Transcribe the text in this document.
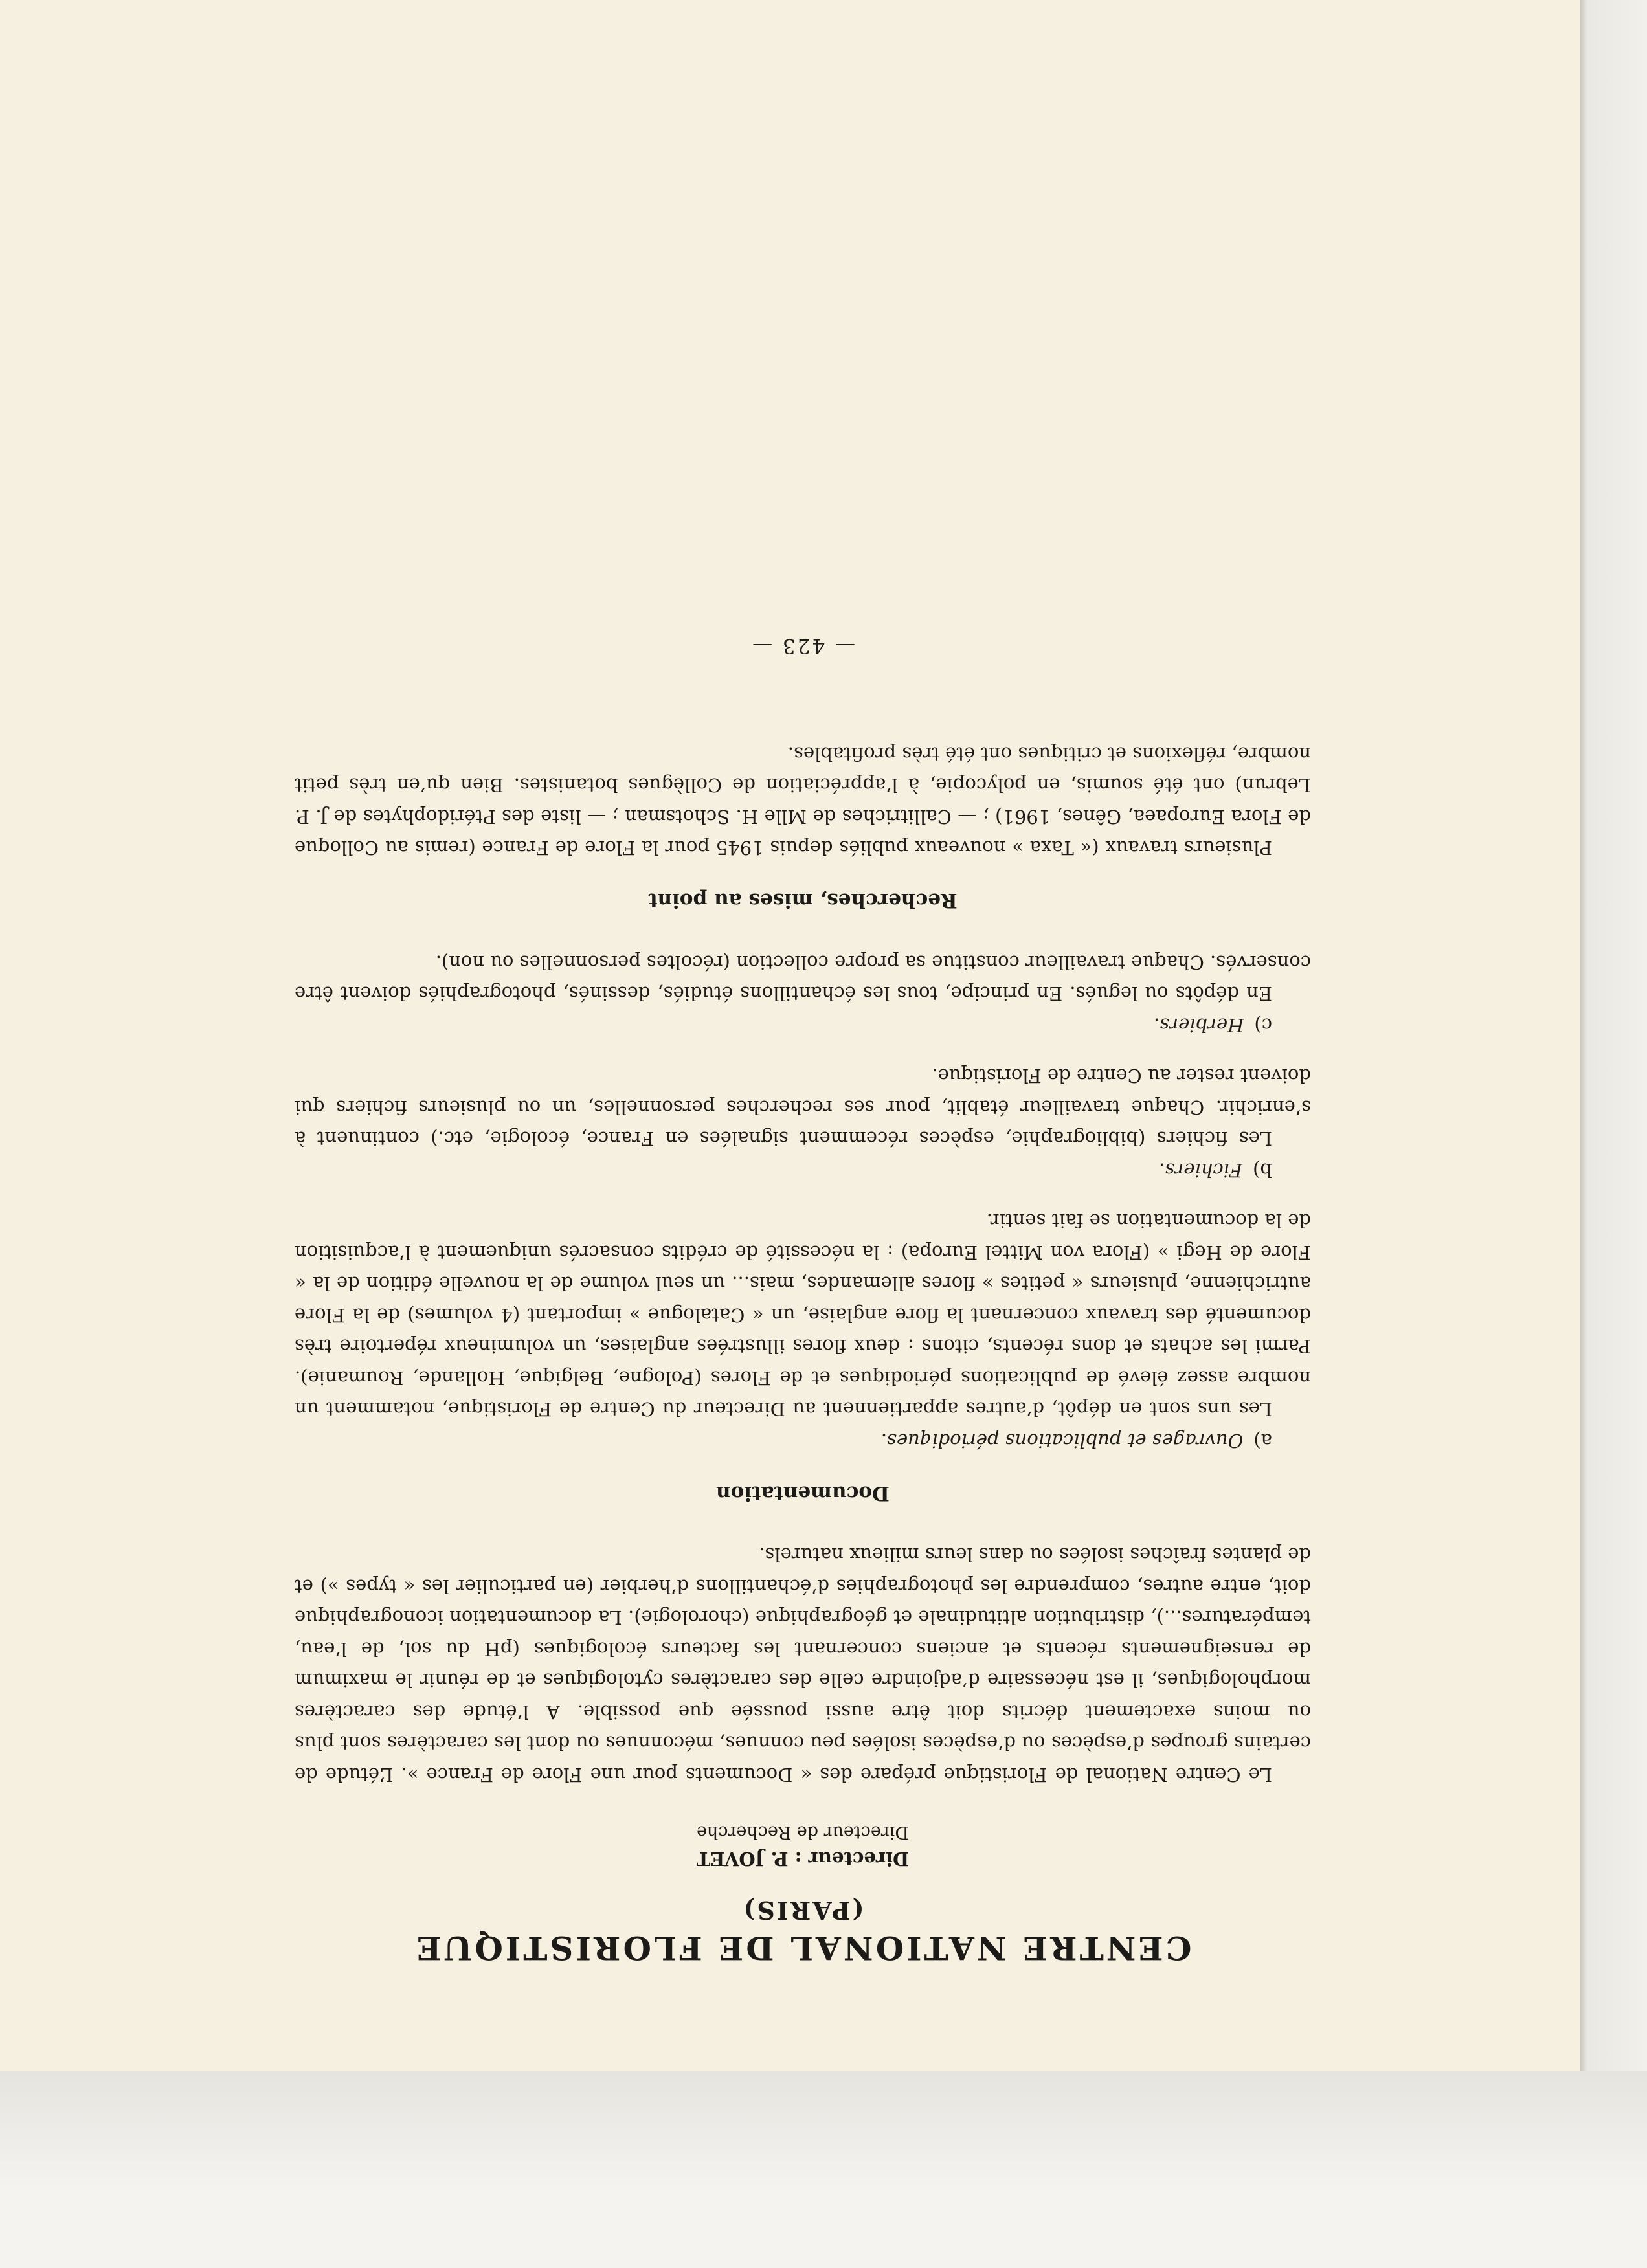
CENTRE NATIONAL DE FLORISTIQUE
(PARIS)
Directeur : P. JOVET
Directeur de Recherche

Le Centre National de Floristique prépare des « Documents pour une Flore de France ». L’étude de certains groupes d’espèces ou d’espèces isolées peu connues, méconnues ou dont les caractères sont plus ou moins exactement décrits doit être aussi poussée que possible. A l’étude des caractères morphologiques, il est nécessaire d’adjoindre celle des caractères cytologiques et de réunir le maximum de renseignements récents et anciens concernant les facteurs écologiques (pH du sol, de l’eau, températures...), distribution altitudinale et géographique (chorologie). La documentation iconographique doit, entre autres, comprendre les photographies d’échantillons d’herbier (en particulier les « types ») et de plantes fraîches isolées ou dans leurs milieux naturels.

Documentation

a)Ouvrages et publications périodiques.

Les uns sont en dépôt, d’autres appartiennent au Directeur du Centre de Floristique, notamment un nombre assez élevé de publications périodiques et de Flores (Pologne, Belgique, Hollande, Roumanie). Parmi les achats et dons récents, citons : deux flores illustrées anglaises, un volumineux répertoire très documenté des travaux concernant la flore anglaise, un « Catalogue » important (4 volumes) de la Flore autrichienne, plusieurs « petites » flores allemandes, mais... un seul volume de la nouvelle édition de la « Flore de Hegi » (Flora von Mittel Europa) : la nécessité de crédits consacrés uniquement à l’acquisition de la documentation se fait sentir.

b)Fichiers.

Les fichiers (bibliographie, espèces récemment signalées en France, écologie, etc.) continuent à s’enrichir. Chaque travailleur établit, pour ses recherches personnelles, un ou plusieurs fichiers qui doivent rester au Centre de Floristique.

c)Herbiers.

En dépôts ou legués. En principe, tous les échantillons étudiés, dessinés, photographiés doivent être conservés. Chaque travailleur constitue sa propre collection (récoltes personnelles ou non).

Recherches, mises au point

Plusieurs travaux (« Taxa » nouveaux publiés depuis 1945 pour la Flore de France (remis au Colloque de Flora Europaea, Gênes, 1961) ; — Callitriches de Mlle H. Schotsman ; — liste des Ptéridophytes de J. P. Lebrun) ont été soumis, en polycopie, à l’appréciation de Collègues botanistes. Bien qu’en très petit nombre, réflexions et critiques ont été très profitables.

— 423 —
